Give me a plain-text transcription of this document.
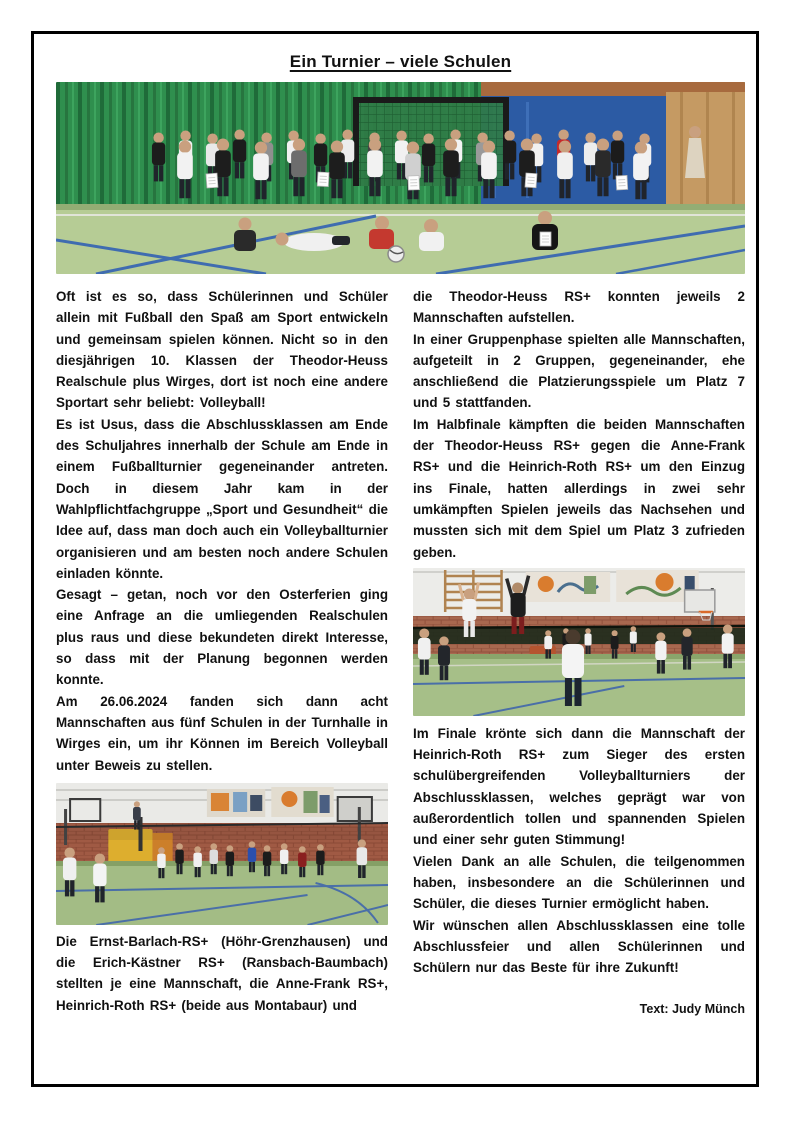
Ein Turnier – viele Schulen

Oft ist es so, dass Schülerinnen und Schüler allein mit Fußball den Spaß am Sport entwickeln und gemeinsam spielen können. Nicht so in den diesjährigen 10. Klassen der Theodor-Heuss Realschule plus Wirges, dort ist noch eine andere Sportart sehr beliebt: Volleyball!

Es ist Usus, dass die Abschlussklassen am Ende des Schuljahres innerhalb der Schule am Ende in einem Fußballturnier gegeneinander antreten. Doch in diesem Jahr kam in der Wahlpflichtfachgruppe „Sport und Gesundheit“ die Idee auf, dass man doch auch ein Volleyballturnier organisieren und am besten noch andere Schulen einladen könnte.

Gesagt – getan, noch vor den Osterferien ging eine Anfrage an die umliegenden Realschulen plus raus und diese bekundeten direkt Interesse, so dass mit der Planung begonnen werden konnte.

Am 26.06.2024 fanden sich dann acht Mannschaften aus fünf Schulen in der Turnhalle in Wirges ein, um ihr Können im Bereich Volleyball unter Beweis zu stellen.

Die Ernst-Barlach-RS+ (Höhr-Grenzhausen) und die Erich-Kästner RS+ (Ransbach-Baumbach) stellten je eine Mannschaft, die Anne-Frank RS+, Heinrich-Roth RS+ (beide aus Montabaur) und

die Theodor-Heuss RS+ konnten jeweils 2 Mannschaften aufstellen.

In einer Gruppenphase spielten alle Mannschaften, aufgeteilt in 2 Gruppen, gegeneinander, ehe anschließend die Platzierungsspiele um Platz 7 und 5 stattfanden.

Im Halbfinale kämpften die beiden Mannschaften der Theodor-Heuss RS+ gegen die Anne-Frank RS+ und die Heinrich-Roth RS+ um den Einzug ins Finale, hatten allerdings in zwei sehr umkämpften Spielen jeweils das Nachsehen und mussten sich mit dem Spiel um Platz 3 zufrieden geben.

Im Finale krönte sich dann die Mannschaft der Heinrich-Roth RS+ zum Sieger des ersten schulübergreifenden Volleyballturniers der Abschlussklassen, welches geprägt war von außerordentlich tollen und spannenden Spielen und einer sehr guten Stimmung!

Vielen Dank an alle Schulen, die teilgenommen haben, insbesondere an die Schülerinnen und Schüler, die dieses Turnier ermöglicht haben.

Wir wünschen allen Abschlussklassen eine tolle Abschlussfeier und allen Schülerinnen und Schülern nur das Beste für ihre Zukunft!

Text: Judy Münch
